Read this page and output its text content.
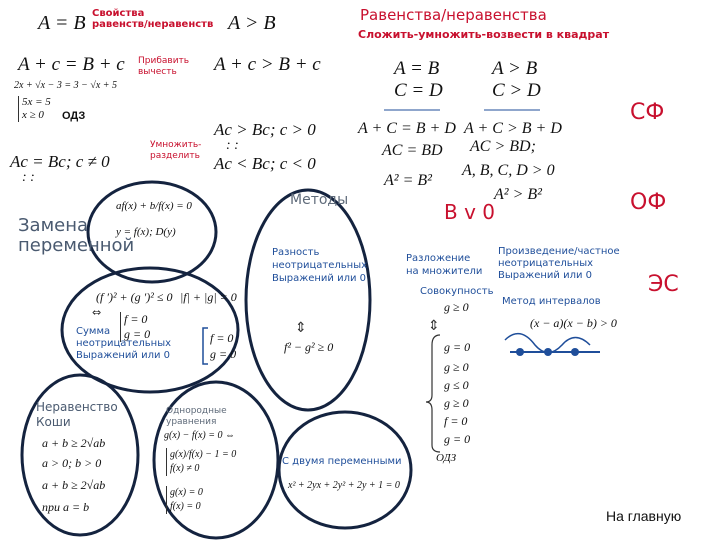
⇕	⇕
⇔
A = B Свойства
равенств/неравенств A > B	Равенства/неравенства
Сложить-умножить-возвести в квадрат
A + c = B + c Прибавить
вычесть	A + c > B + c
2x + √x − 3 = 3 − √x + 5
5x = 5
x ≥ 0	ОДЗ
Умножить-
разделить
Ac > Bc; c > 0
: :
Ac < Bc; c < 0
Ac = Bc; c ≠ 0
: :
A = B
C = D
A > B
C > D
A + C = B + D A + C > B + D
AC = BD AC > BD;
A, B, C, D > 0
A² = B²
A² > B²
Методы
СФ
ОФ
ЭС
B v 0
Разложение
на множители
Совокупность
Произведение/частное
неотрицательных
Выражений или 0
Метод интервалов
(x − a)(x − b) > 0
g ≥ 0
g = 0
g ≥ 0
g ≤ 0
g ≥ 0
f = 0
g = 0
ОДЗ
Замена
переменной
af(x) + b/f(x) = 0
y = f(x); D(y)
(f ′)² + (g ′)² ≤ 0 |f| + |g| = 0
Сумма
неотрицательных
Выражений или 0
f = 0
g = 0	f = 0
g = 0
Разность
неотрицательных
Выражений или 0
f² − g² ≥ 0
Неравенство
Коши
a + b ≥ 2√ab
a > 0; b > 0
a + b ≥ 2√ab
при a = b
Однородные
уравнения
g(x) − f(x) = 0 ⇔
g(x)/f(x) − 1 = 0
f(x) ≠ 0
g(x) = 0
f(x) = 0
С двумя переменными
x² + 2yx + 2y² + 2y + 1 = 0
На главную
